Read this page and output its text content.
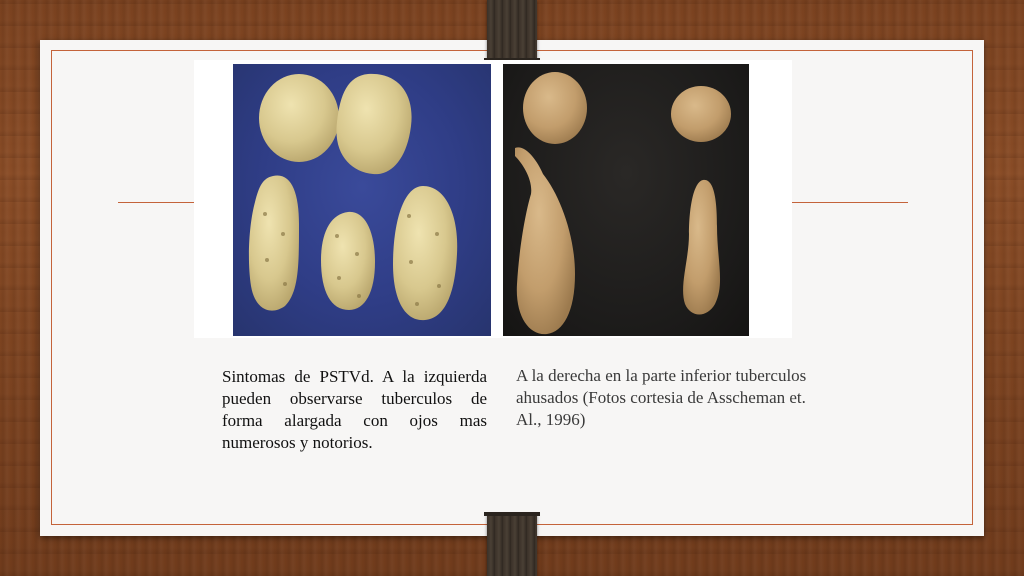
Sintomas de PSTVd. A la izquierda pueden observarse tuberculos de forma alargada con ojos mas numerosos y notorios.
A la derecha en la parte inferior tuberculos ahusados (Fotos cortesia de Asscheman et. Al., 1996)
